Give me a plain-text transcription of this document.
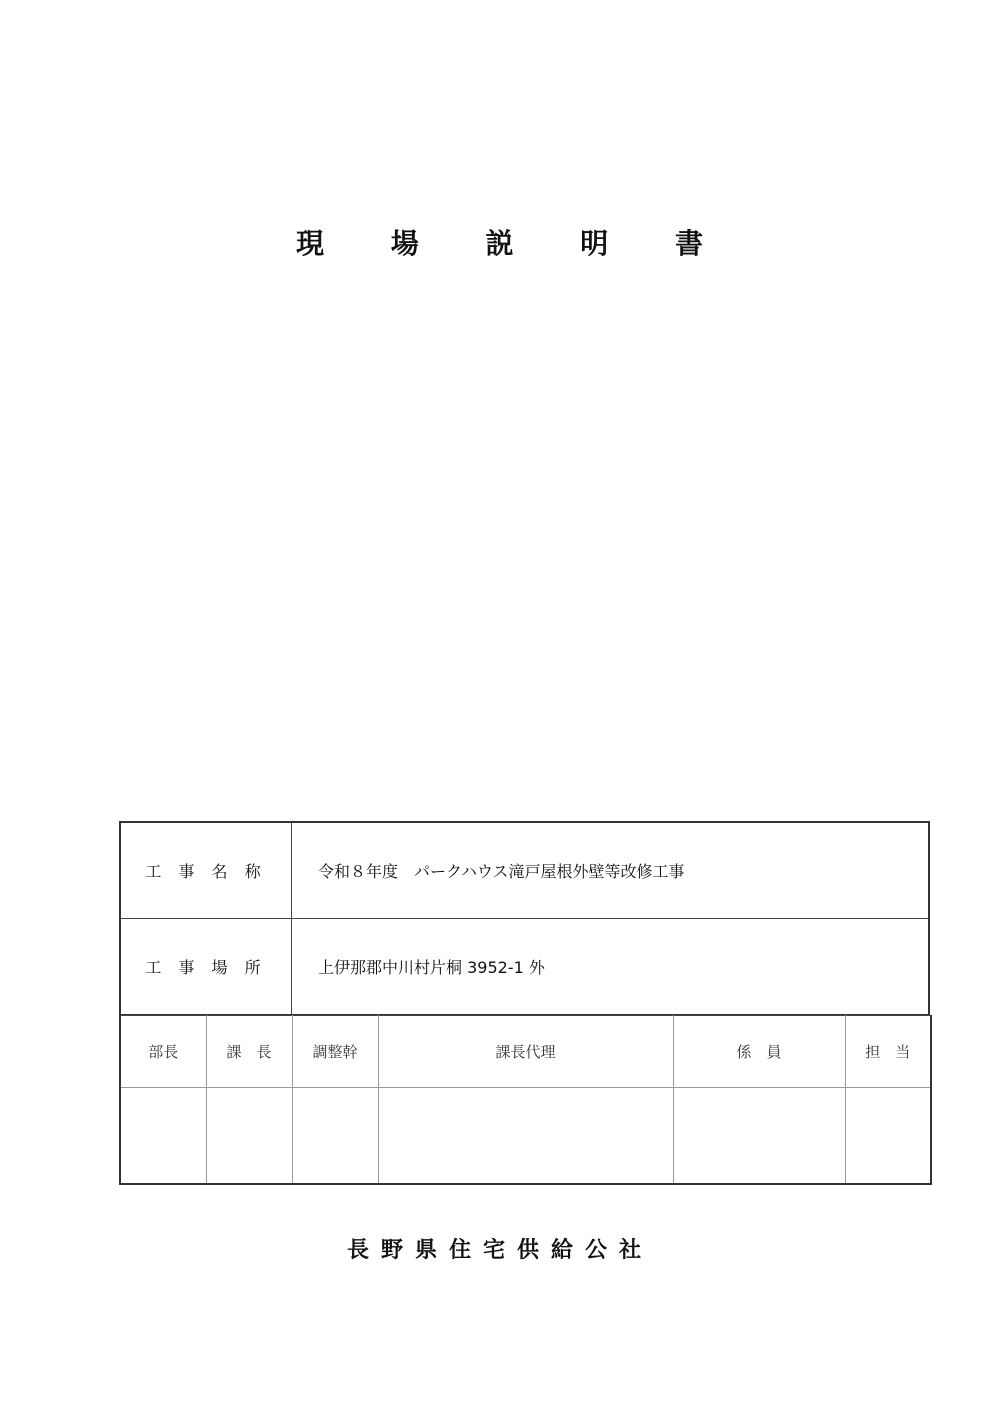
現 場 説 明 書
工 事 名 称	令和８年度　パークハウス滝戸屋根外壁等改修工事
工 事 場 所	上伊那郡中川村片桐 3952-1 外
部長	課　長	調整幹	課長代理	係　員	担　当

長野県住宅供給公社
